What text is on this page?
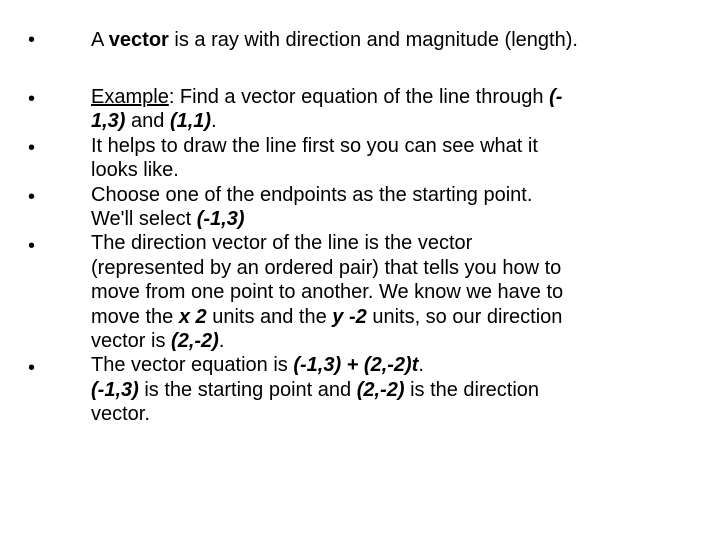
•
•
•
•
•
•
A vector is a ray with direction and magnitude (length).
Example: Find a vector equation of the line through (-
1,3) and (1,1).
It helps to draw the line first so you can see what it
looks like.
Choose one of the endpoints as the starting point.
We'll select (-1,3)
The direction vector of the line is the vector
(represented by an ordered pair) that tells you how to
move from one point to another. We know we have to
move the x 2 units and the y -2 units, so our direction
vector is (2,-2).
The vector equation is (-1,3) + (2,-2)t.
(-1,3) is the starting point and (2,-2) is the direction
vector.
